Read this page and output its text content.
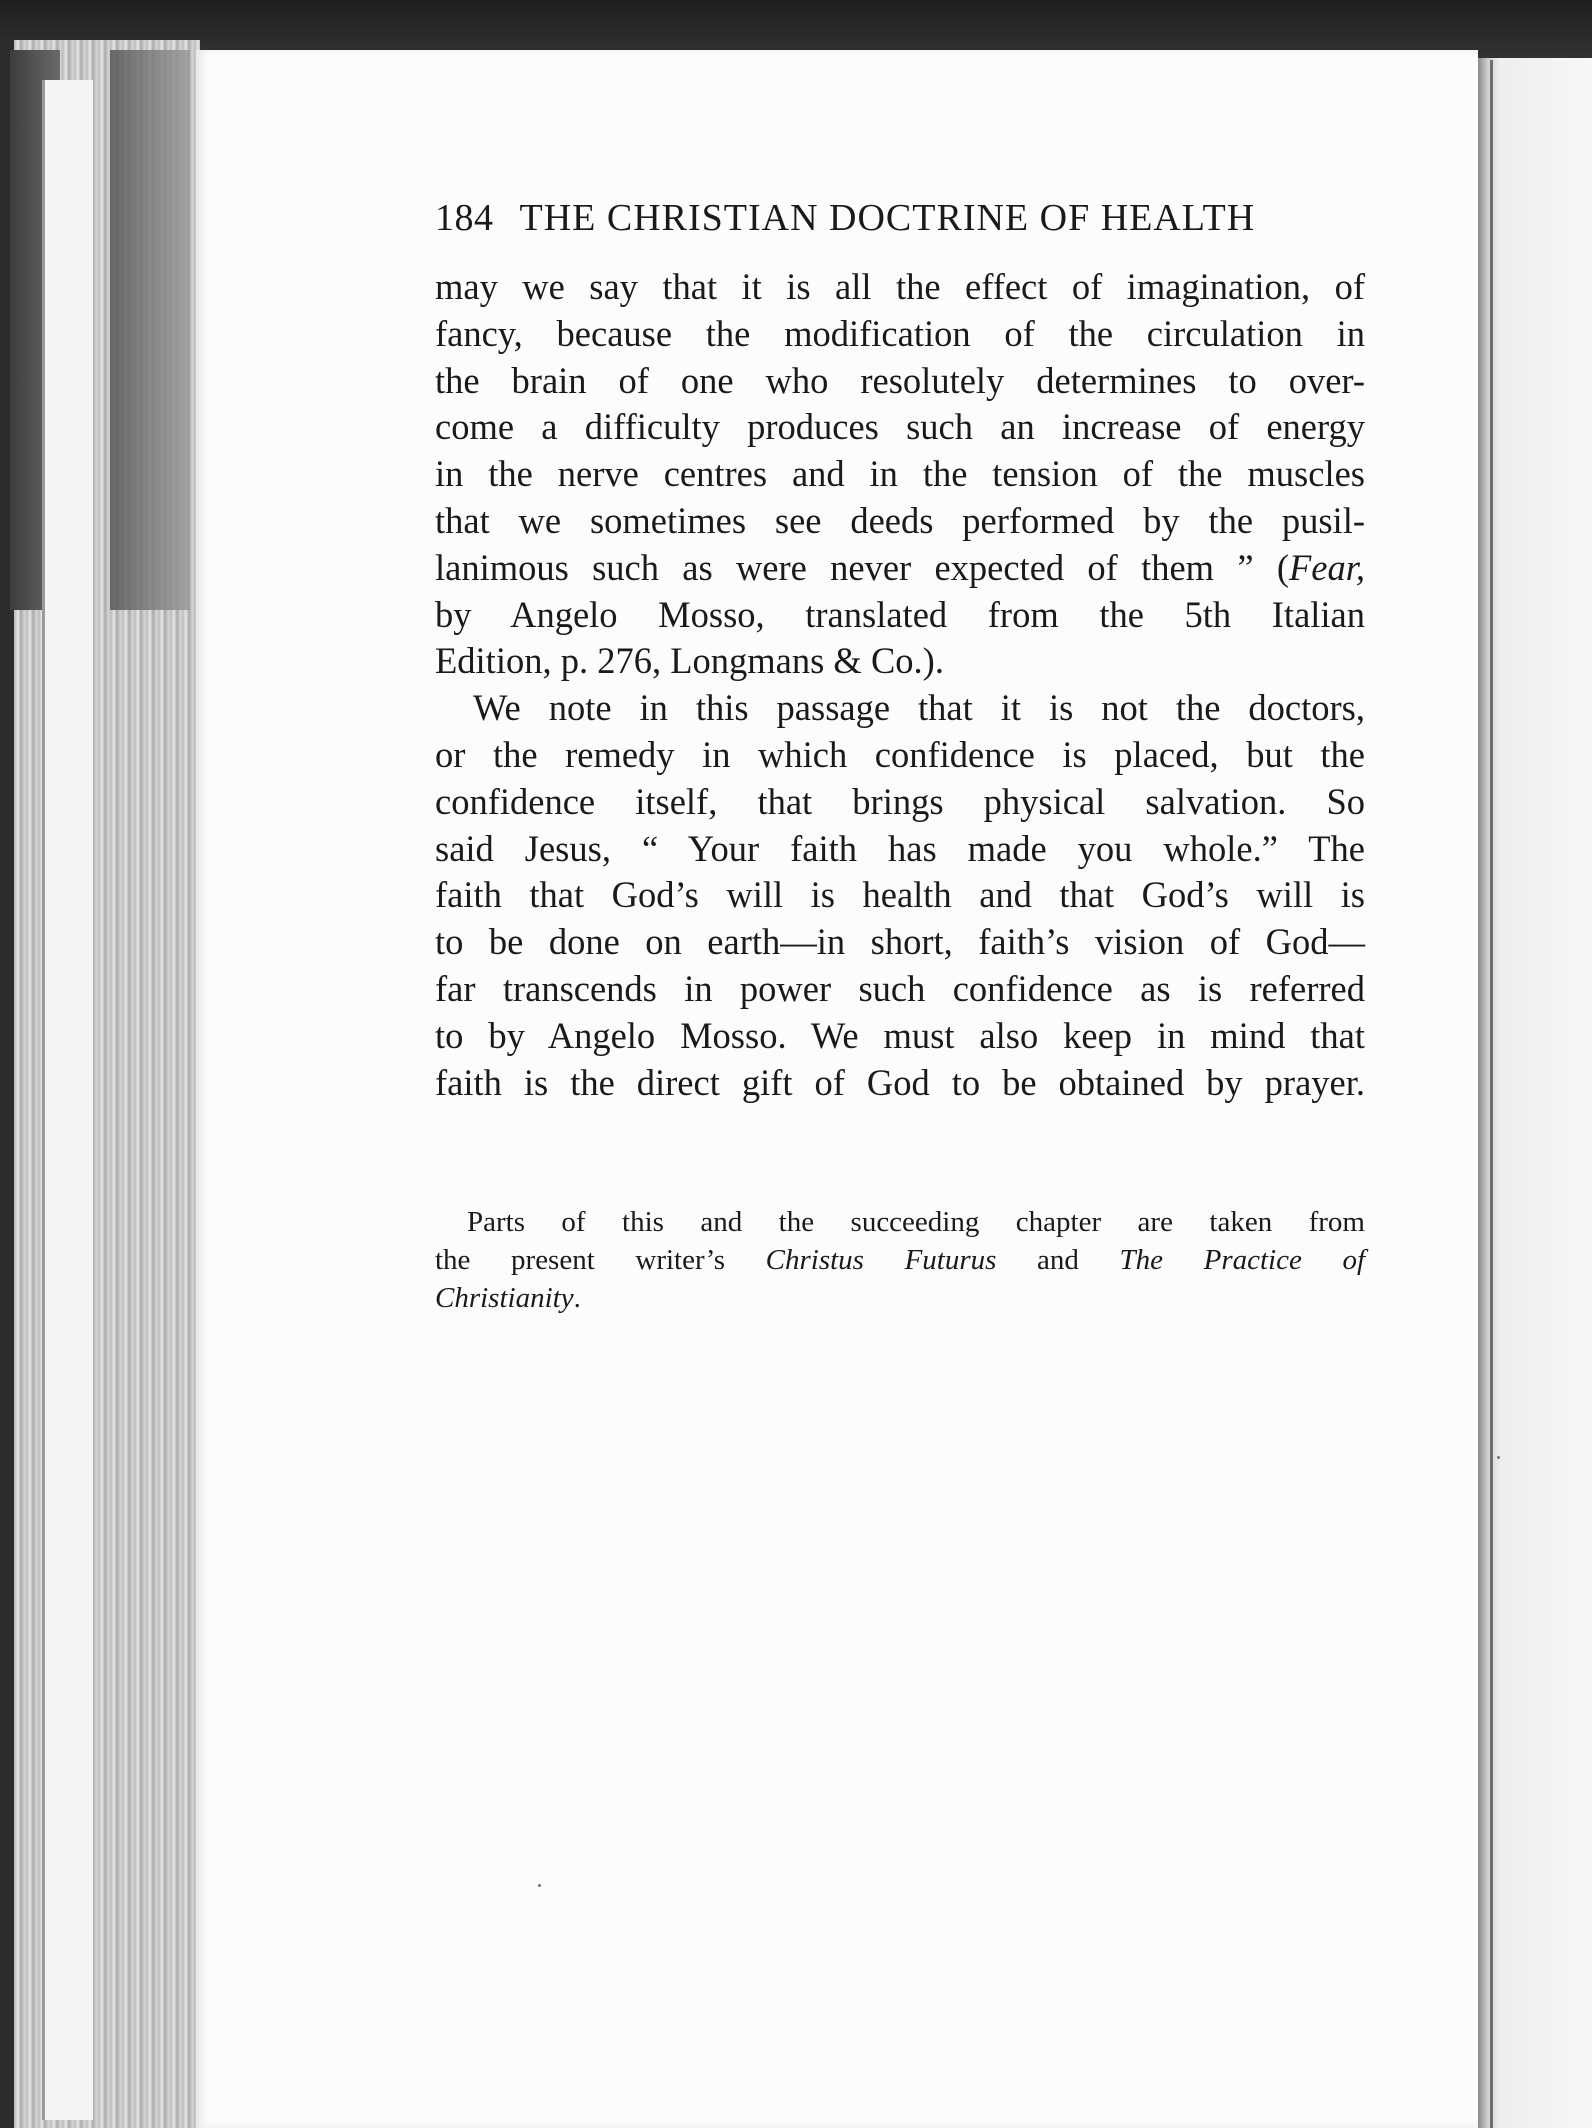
184 THE CHRISTIAN DOCTRINE OF HEALTH
may we say that it is all the effect of imagination, of
fancy, because the modification of the circulation in
the brain of one who resolutely determines to over-
come a difficulty produces such an increase of energy
in the nerve centres and in the tension of the muscles
that we sometimes see deeds performed by the pusil-
lanimous such as were never expected of them ” (Fear,
by Angelo Mosso, translated from the 5th Italian
Edition, p. 276, Longmans & Co.).
We note in this passage that it is not the doctors,
or the remedy in which confidence is placed, but the
confidence itself, that brings physical salvation. So
said Jesus, “ Your faith has made you whole.” The
faith that God’s will is health and that God’s will is
to be done on earth—in short, faith’s vision of God—
far transcends in power such confidence as is referred
to by Angelo Mosso. We must also keep in mind that
faith is the direct gift of God to be obtained by prayer.
Parts of this and the succeeding chapter are taken from
the present writer’s Christus Futurus and The Practice of
Christianity.
